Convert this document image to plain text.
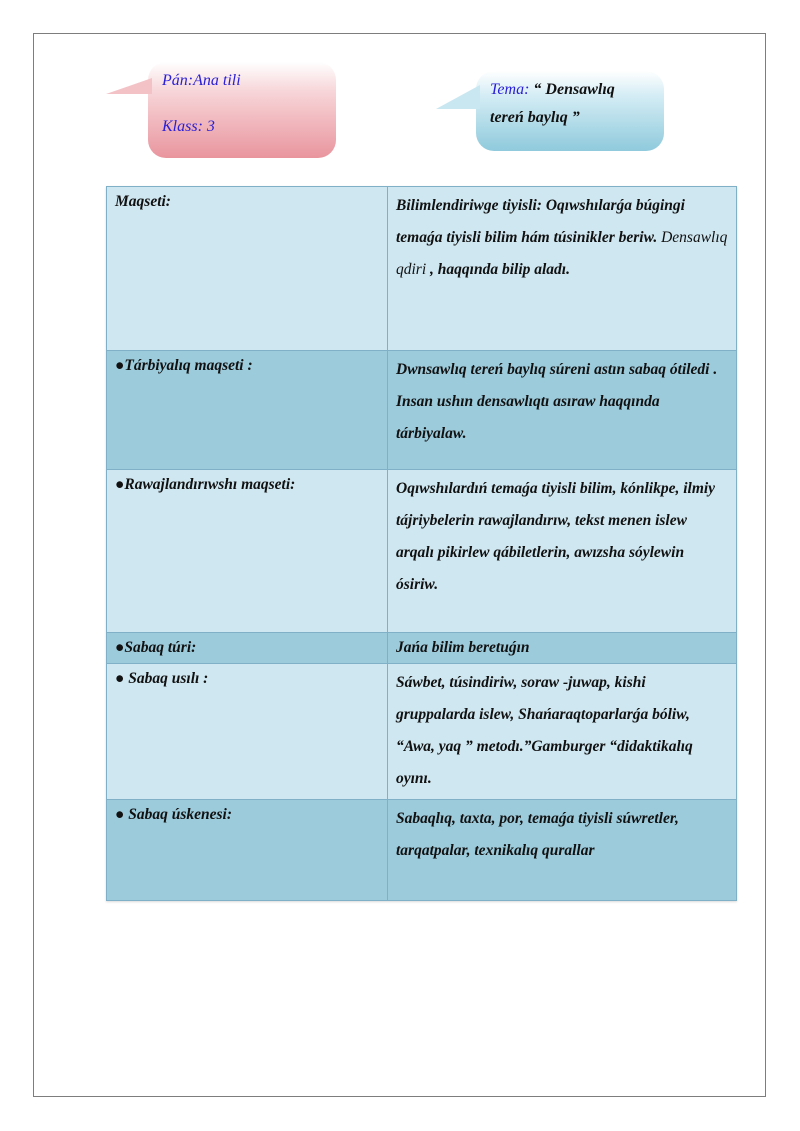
Pán:Ana tili
Klass: 3
Tema: “ Densawlıq
tereń baylıq ”
Maqseti:	Bilimlendiriwge tiyisli: Oqıwshılarǵa búgingi temaǵa tiyisli bilim hám túsinikler beriw. Densawlıq qdiri , haqqında bilip aladı.
●Tárbiyalıq maqseti :	Dwnsawlıq tereń baylıq súreni astın sabaq ótiledi . Insan ushın densawlıqtı asıraw haqqında tárbiyalaw.
●Rawajlandırıwshı maqseti:	Oqıwshılardıń temaǵa tiyisli bilim, kónlikpe, ilmiy tájriybelerin rawajlandırıw, tekst menen islew arqalı pikirlew qábiletlerin, awızsha sóylewin ósiriw.
●Sabaq túri:	Jańa bilim beretuǵın
● Sabaq usılı :	Sáwbet, túsindiriw, soraw -juwap, kishi gruppalarda islew, Shańaraqtoparlarǵa bóliw, “Awa, yaq ” metodı.”Gamburger “didaktikalıq oyını.
● Sabaq úskenesi:	Sabaqlıq, taxta, por, temaǵa tiyisli súwretler, tarqatpalar, texnikalıq qurallar
